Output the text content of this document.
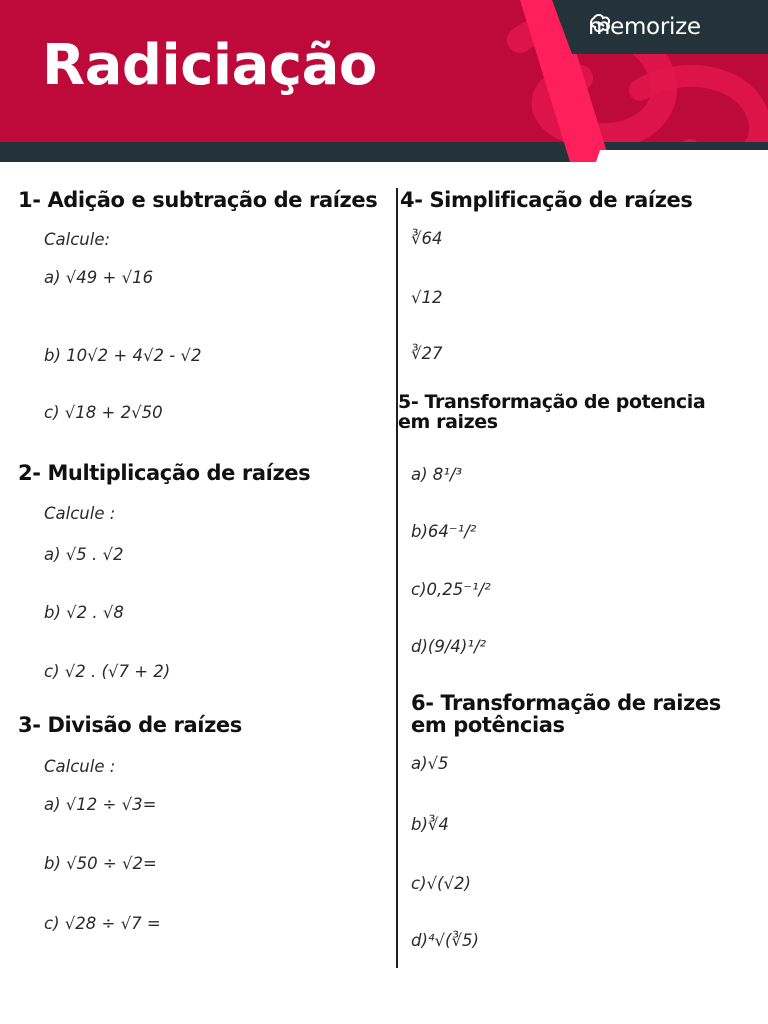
Radiciação
memorize
1- Adição e subtração de raízes
Calcule:
a) √49 + √16
b) 10√2 + 4√2 - √2
c) √18 + 2√50
2- Multiplicação de raízes
Calcule :
a) √5 . √2
b) √2 . √8
c) √2 . (√7 + 2)
3- Divisão de raízes
Calcule :
a) √12 ÷ √3=
b) √50 ÷ √2=
c) √28 ÷ √7 =
4- Simplificação de raízes
∛64
√12
∛27
5- Transformação de potencia
em raizes
a) 8¹/³
b)64⁻¹/²
c)0,25⁻¹/²
d)(9/4)¹/²
6- Transformação de raizes
em potências
a)√5
b)∛4
c)√(√2)
d)⁴√(∛5)
